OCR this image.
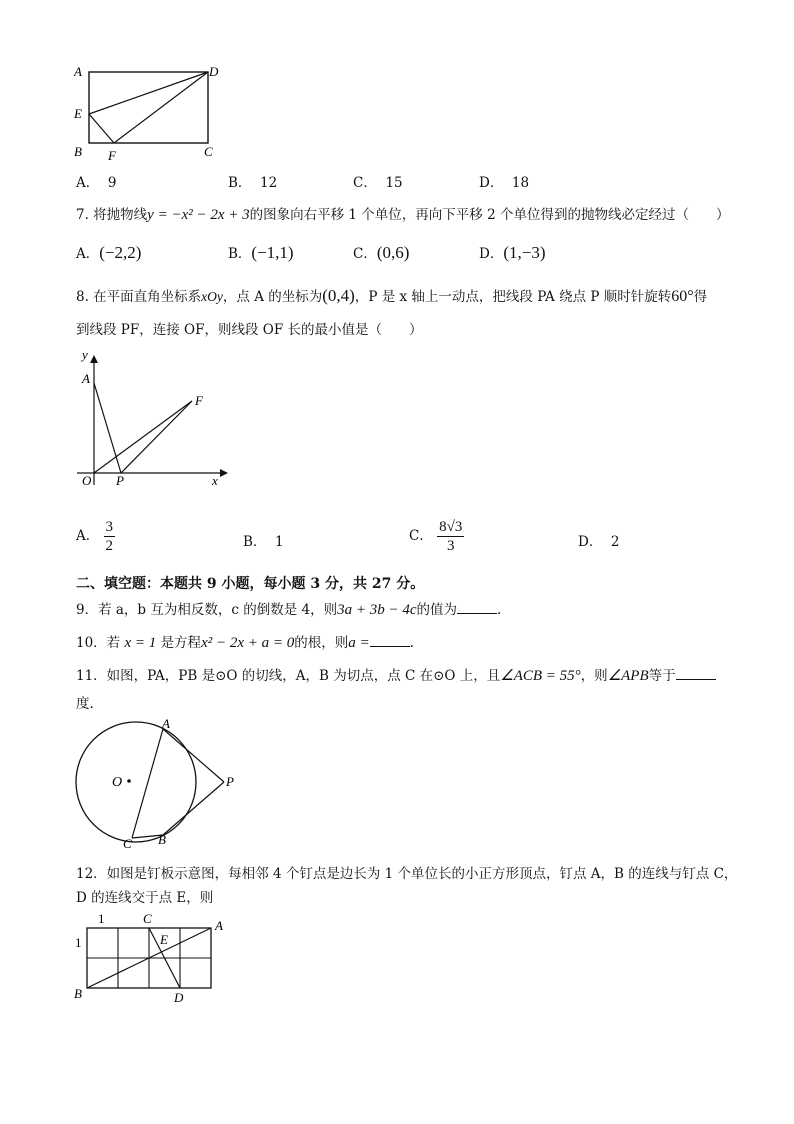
A	D
E
B F	C
A． 9	B． 12	C． 15	D． 18
7. 将抛物线y = −x² − 2x + 3的图象向右平移 1 个单位，再向下平移 2 个单位得到的抛物线必定经过（　　）
A．(−2,2)	B．(−1,1)	C．(0,6)	D．(1,−3)
8. 在平面直角坐标系xOy，点 A 的坐标为(0,4)，P 是 x 轴上一动点，把线段 PA 绕点 P 顺时针旋转60°得
到线段 PF，连接 OF，则线段 OF 长的最小值是（　　）
y
A
F
O P	x
A． $\frac{3}{2}$	B． 1	C． $\frac{8√3}{3}$	D． 2
二、填空题：本题共 9 小题，每小题 3 分，共 27 分。
9．若 a，b 互为相反数，c 的倒数是 4，则3a + 3b − 4c的值为	.
10．若 x = 1 是方程x² − 2x + a = 0的根，则a =	.
11．如图，PA，PB 是⊙O 的切线，A，B 为切点，点 C 在⊙O 上，且∠ACB = 55°，则∠APB等于
度.
A
O	P
C B
12．如图是钉板示意图，每相邻 4 个钉点是边长为 1 个单位长的小正方形顶点，钉点 A，B 的连线与钉点 C，
D 的连线交于点 E，则
1	C	A
1	E
B	D
